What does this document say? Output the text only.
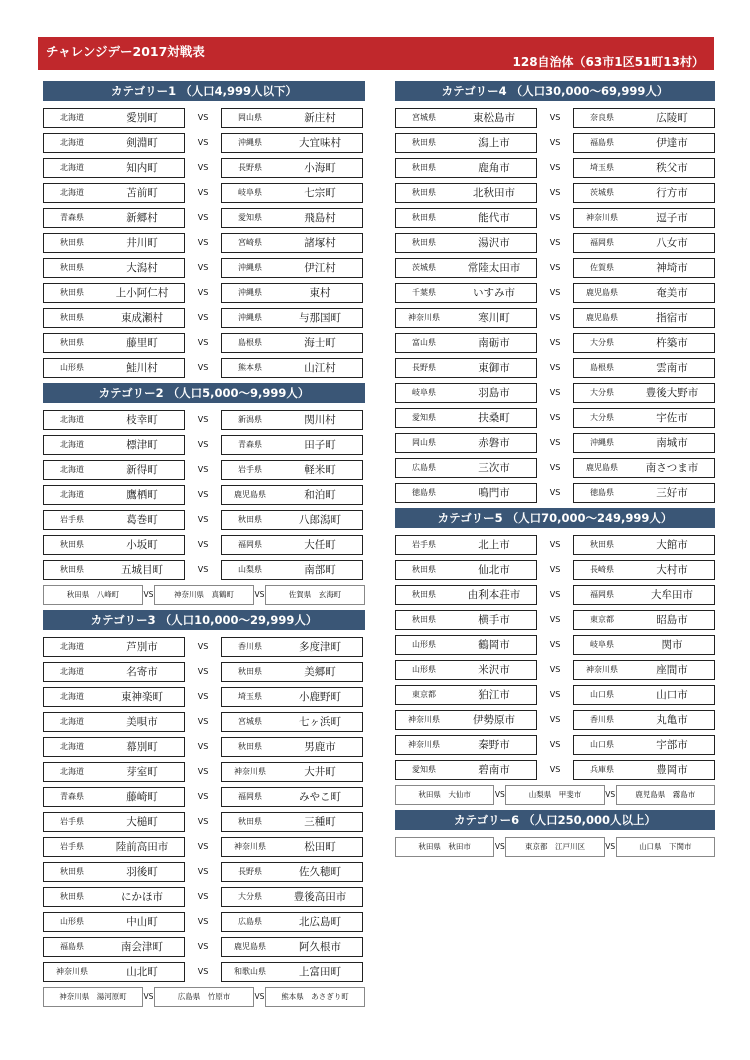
チャレンジデー2017対戦表
128自治体（63市1区51町13村）
カテゴリー1 （人口4,999人以下）
北海道	愛別町	VS	岡山県	新庄村
北海道	剣淵町	VS	沖縄県	大宜味村
北海道	知内町	VS	長野県	小海町
北海道	苫前町	VS	岐阜県	七宗町
青森県	新郷村	VS	愛知県	飛島村
秋田県	井川町	VS	宮崎県	諸塚村
秋田県	大潟村	VS	沖縄県	伊江村
秋田県	上小阿仁村	VS	沖縄県	東村
秋田県	東成瀬村	VS	沖縄県	与那国町
秋田県	藤里町	VS	島根県	海士町
山形県	鮭川村	VS	熊本県	山江村
カテゴリー2 （人口5,000～9,999人）
北海道	枝幸町	VS	新潟県	関川村
北海道	標津町	VS	青森県	田子町
北海道	新得町	VS	岩手県	軽米町
北海道	鷹栖町	VS	鹿児島県	和泊町
岩手県	葛巻町	VS	秋田県	八郎潟町
秋田県	小坂町	VS	福岡県	大任町
秋田県	五城目町	VS	山梨県	南部町
秋田県　八峰町	VS	神奈川県　真鶴町	VS	佐賀県　玄海町
カテゴリー3 （人口10,000～29,999人）
北海道	芦別市	VS	香川県	多度津町
北海道	名寄市	VS	秋田県	美郷町
北海道	東神楽町	VS	埼玉県	小鹿野町
北海道	美唄市	VS	宮城県	七ヶ浜町
北海道	幕別町	VS	秋田県	男鹿市
北海道	芽室町	VS	神奈川県	大井町
青森県	藤崎町	VS	福岡県	みやこ町
岩手県	大槌町	VS	秋田県	三種町
岩手県	陸前高田市	VS	神奈川県	松田町
秋田県	羽後町	VS	長野県	佐久穂町
秋田県	にかほ市	VS	大分県	豊後高田市
山形県	中山町	VS	広島県	北広島町
福島県	南会津町	VS	鹿児島県	阿久根市
神奈川県	山北町	VS	和歌山県	上富田町
神奈川県　湯河原町	VS	広島県　竹原市	VS	熊本県　あさぎり町
カテゴリー4 （人口30,000～69,999人）
宮城県	東松島市	VS	奈良県	広陵町
秋田県	潟上市	VS	福島県	伊達市
秋田県	鹿角市	VS	埼玉県	秩父市
秋田県	北秋田市	VS	茨城県	行方市
秋田県	能代市	VS	神奈川県	逗子市
秋田県	湯沢市	VS	福岡県	八女市
茨城県	常陸太田市	VS	佐賀県	神埼市
千葉県	いすみ市	VS	鹿児島県	奄美市
神奈川県	寒川町	VS	鹿児島県	指宿市
富山県	南砺市	VS	大分県	杵築市
長野県	東御市	VS	島根県	雲南市
岐阜県	羽島市	VS	大分県	豊後大野市
愛知県	扶桑町	VS	大分県	宇佐市
岡山県	赤磐市	VS	沖縄県	南城市
広島県	三次市	VS	鹿児島県	南さつま市
徳島県	鳴門市	VS	徳島県	三好市
カテゴリー5 （人口70,000～249,999人）
岩手県	北上市	VS	秋田県	大館市
秋田県	仙北市	VS	長崎県	大村市
秋田県	由利本荘市	VS	福岡県	大牟田市
秋田県	横手市	VS	東京都	昭島市
山形県	鶴岡市	VS	岐阜県	関市
山形県	米沢市	VS	神奈川県	座間市
東京都	狛江市	VS	山口県	山口市
神奈川県	伊勢原市	VS	香川県	丸亀市
神奈川県	秦野市	VS	山口県	宇部市
愛知県	碧南市	VS	兵庫県	豊岡市
秋田県　大仙市	VS	山梨県　甲斐市	VS	鹿児島県　霧島市
カテゴリー6 （人口250,000人以上）
秋田県　秋田市	VS	東京都　江戸川区	VS	山口県　下関市
